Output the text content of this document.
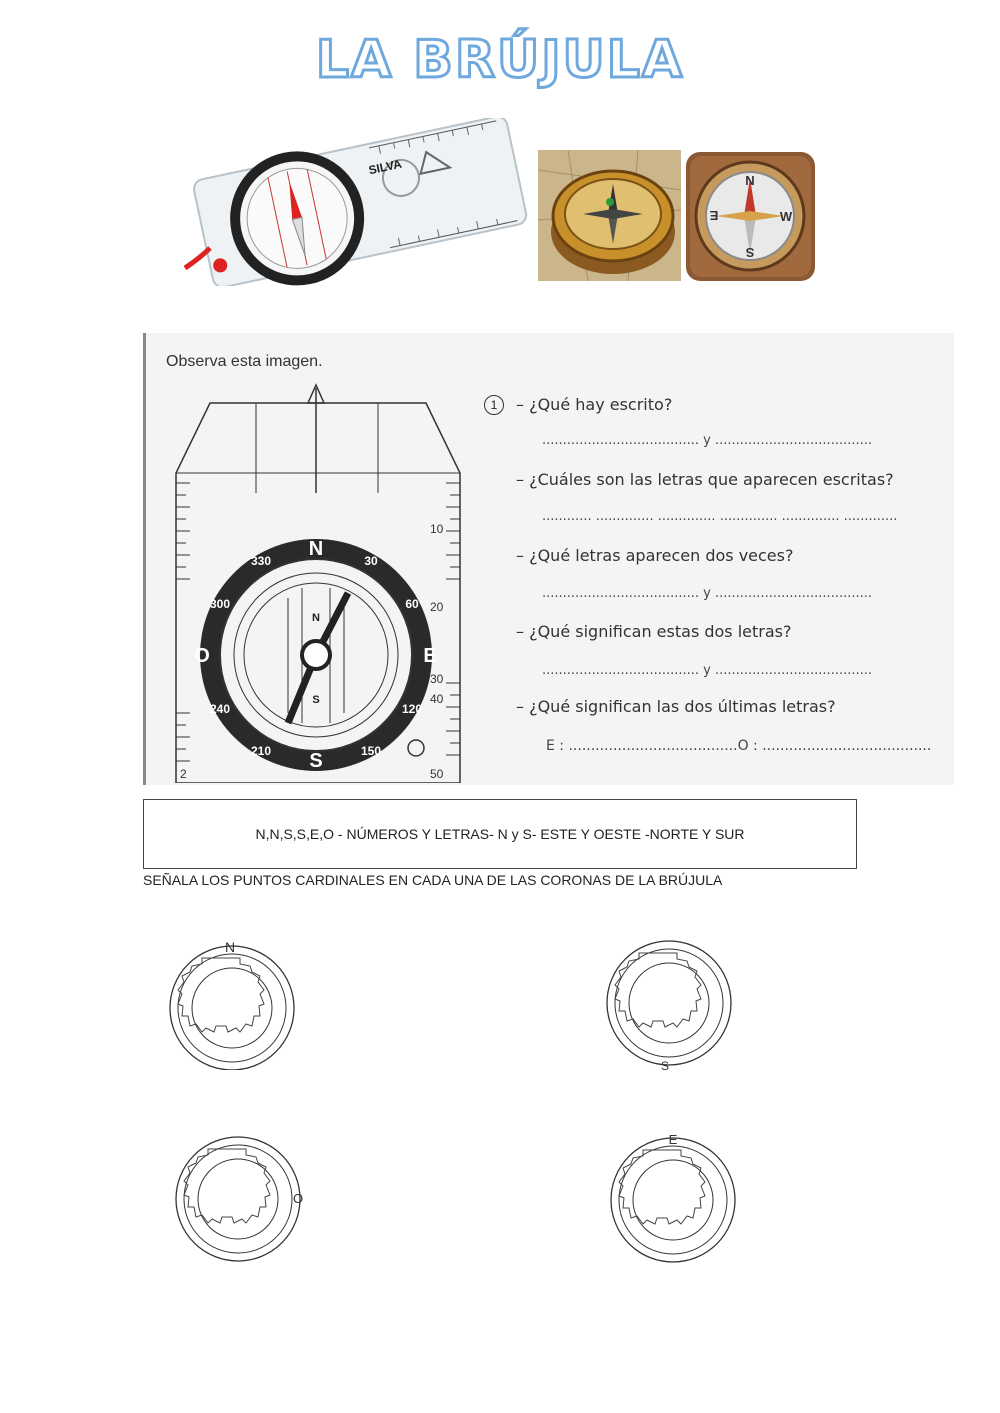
LA BRÚJULA
SILVA
N
E	W
S
Observa esta imagen.
10
20
30
40
50
2
N
S
E
O
N
S
330	30
300	60
240	120
210	150
1	– ¿Qué hay escrito?
...................................... y ......................................
– ¿Cuáles son las letras que aparecen escritas?
............ .............. .............. .............. .............. .............
– ¿Qué letras aparecen dos veces?
...................................... y ......................................
– ¿Qué significan estas dos letras?
...................................... y ......................................
– ¿Qué significan las dos últimas letras?
E : ......................................O : ......................................
N,N,S,S,E,O - NÚMEROS Y LETRAS- N y S- ESTE Y OESTE -NORTE Y SUR
SEÑALA LOS PUNTOS CARDINALES EN CADA UNA DE LAS CORONAS DE LA BRÚJULA
N
S
O
E
